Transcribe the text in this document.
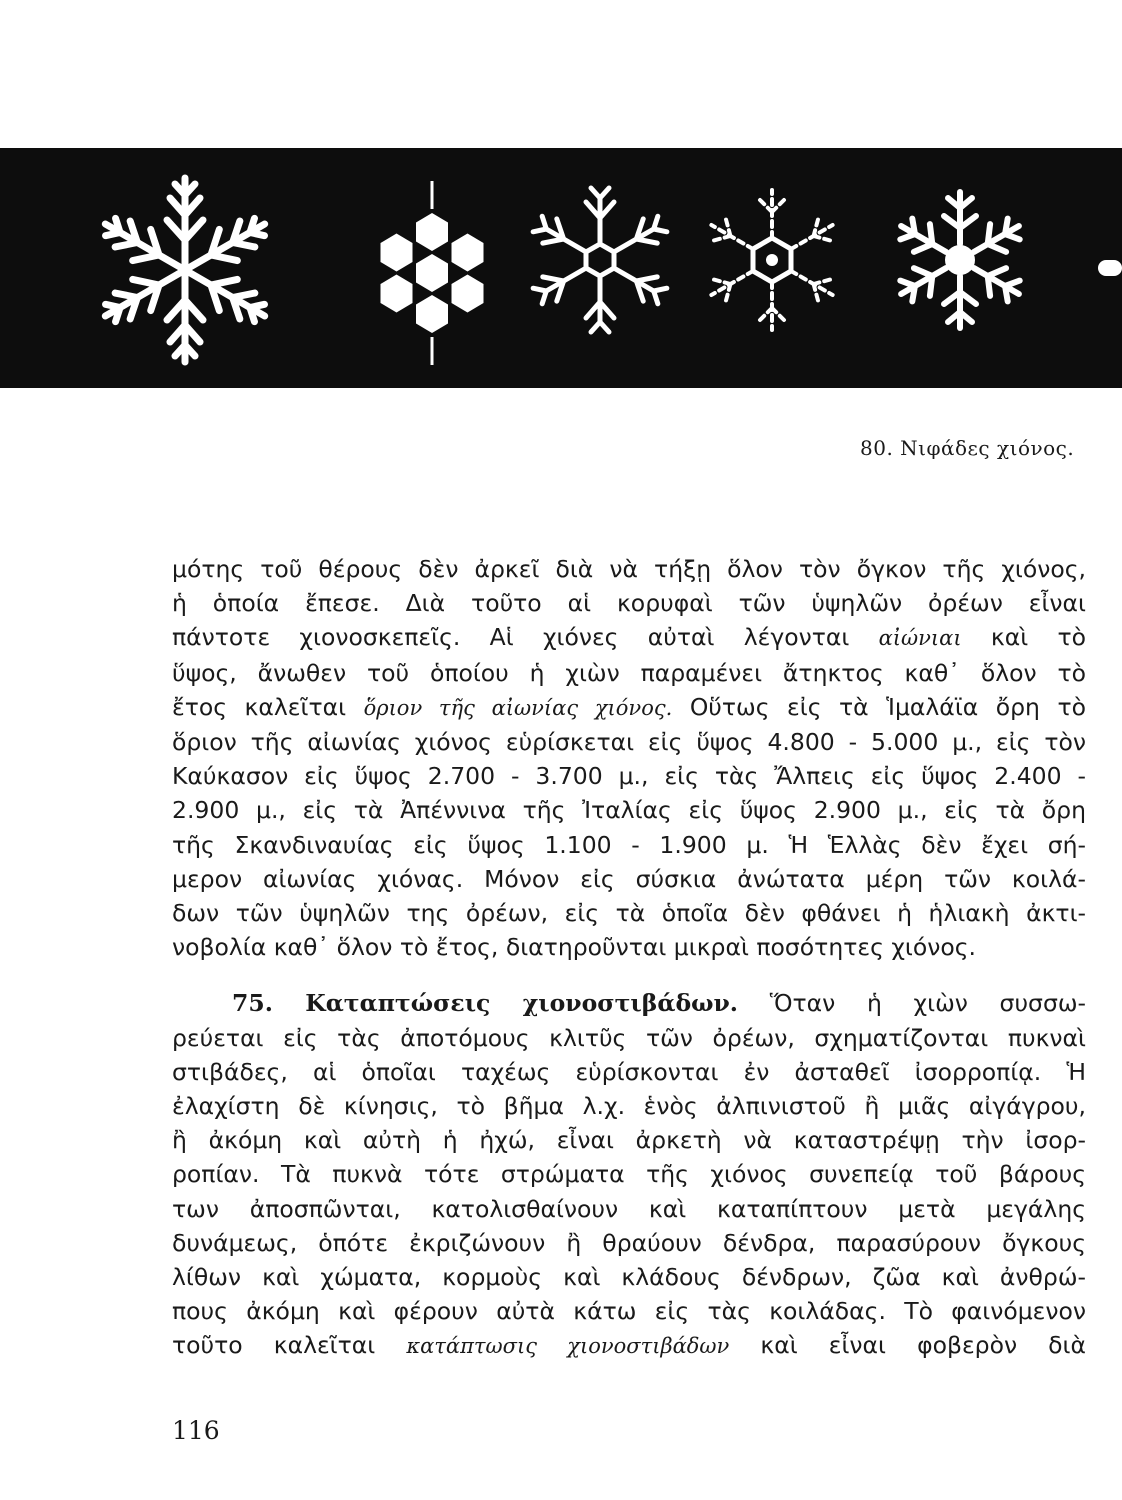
80. Νιφάδες χιόνος.

μότης τοῦ θέρους δὲν ἀρκεῖ διὰ νὰ τήξῃ ὅλον τὸν ὄγκον τῆς χιόνος,
ἡ ὁποία ἔπεσε. Διὰ τοῦτο αἱ κορυφαὶ τῶν ὑψηλῶν ὀρέων εἶναι
πάντοτε χιονοσκεπεῖς. Αἱ χιόνες αὐταὶ λέγονται αἰώνιαι καὶ τὸ
ὕψος, ἄνωθεν τοῦ ὁποίου ἡ χιὼν παραμένει ἄτηκτος καθ᾽ ὅλον τὸ
ἔτος καλεῖται ὅριον τῆς αἰωνίας χιόνος. Οὕτως εἰς τὰ Ἱμαλάϊα ὄρη τὸ
ὅριον τῆς αἰωνίας χιόνος εὑρίσκεται εἰς ὕψος 4.800 - 5.000 μ., εἰς τὸν
Καύκασον εἰς ὕψος 2.700 - 3.700 μ., εἰς τὰς Ἄλπεις εἰς ὕψος 2.400 -
2.900 μ., εἰς τὰ Ἀπέννινα τῆς Ἰταλίας εἰς ὕψος 2.900 μ., εἰς τὰ ὄρη
τῆς Σκανδιναυίας εἰς ὕψος 1.100 - 1.900 μ. Ἡ Ἑλλὰς δὲν ἔχει σή-
μερον αἰωνίας χιόνας. Μόνον εἰς σύσκια ἀνώτατα μέρη τῶν κοιλά-
δων τῶν ὑψηλῶν της ὀρέων, εἰς τὰ ὁποῖα δὲν φθάνει ἡ ἡλιακὴ ἀκτι-
νοβολία καθ᾽ ὅλον τὸ ἔτος, διατηροῦνται μικραὶ ποσότητες χιόνος.

75. Καταπτώσεις χιονοστιβάδων. Ὅταν ἡ χιὼν συσσω-
ρεύεται εἰς τὰς ἀποτόμους κλιτῦς τῶν ὀρέων, σχηματίζονται πυκναὶ
στιβάδες, αἱ ὁποῖαι ταχέως εὑρίσκονται ἐν ἀσταθεῖ ἰσορροπίᾳ. Ἡ
ἐλαχίστη δὲ κίνησις, τὸ βῆμα λ.χ. ἑνὸς ἀλπινιστοῦ ἢ μιᾶς αἰγάγρου,
ἢ ἀκόμη καὶ αὐτὴ ἡ ἠχώ, εἶναι ἀρκετὴ νὰ καταστρέψῃ τὴν ἰσορ-
ροπίαν. Τὰ πυκνὰ τότε στρώματα τῆς χιόνος συνεπείᾳ τοῦ βάρους
των ἀποσπῶνται, κατολισθαίνουν καὶ καταπίπτουν μετὰ μεγάλης
δυνάμεως, ὁπότε ἐκριζώνουν ἢ θραύουν δένδρα, παρασύρουν ὄγκους
λίθων καὶ χώματα, κορμοὺς καὶ κλάδους δένδρων, ζῶα καὶ ἀνθρώ-
πους ἀκόμη καὶ φέρουν αὐτὰ κάτω εἰς τὰς κοιλάδας. Τὸ φαινόμενον
τοῦτο καλεῖται κατάπτωσις χιονοστιβάδων καὶ εἶναι φοβερὸν διὰ

116
